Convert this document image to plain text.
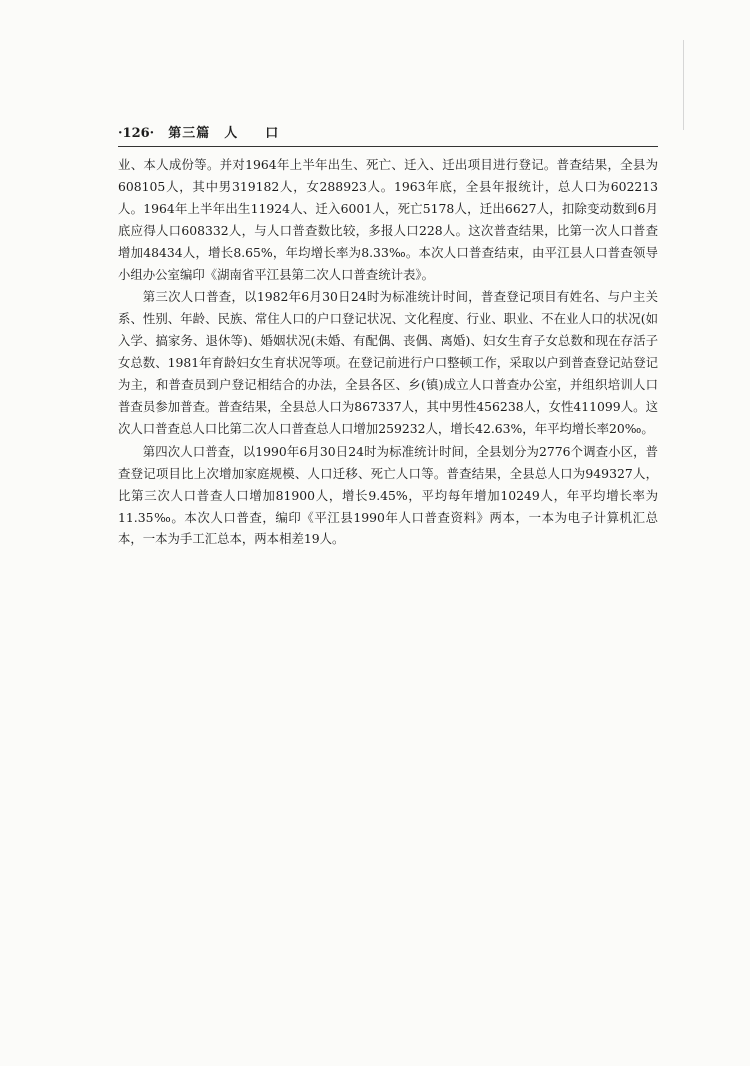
·126· 第三篇 人口

业、本人成份等。并对1964年上半年出生、死亡、迁入、迁出项目进行登记。普查结果，全县为608105人，其中男319182人，女288923人。1963年底，全县年报统计，总人口为602213人。1964年上半年出生11924人、迁入6001人，死亡5178人，迁出6627人，扣除变动数到6月底应得人口608332人，与人口普查数比较，多报人口228人。这次普查结果，比第一次人口普查增加48434人，增长8.65%，年均增长率为8.33‰。本次人口普查结束，由平江县人口普查领导小组办公室编印《湖南省平江县第二次人口普查统计表》。

第三次人口普查，以1982年6月30日24时为标准统计时间，普查登记项目有姓名、与户主关系、性别、年龄、民族、常住人口的户口登记状况、文化程度、行业、职业、不在业人口的状况(如入学、搞家务、退休等)、婚姻状况(未婚、有配偶、丧偶、离婚)、妇女生育子女总数和现在存活子女总数、1981年育龄妇女生育状况等项。在登记前进行户口整顿工作，采取以户到普查登记站登记为主，和普查员到户登记相结合的办法，全县各区、乡(镇)成立人口普查办公室，并组织培训人口普查员参加普查。普查结果，全县总人口为867337人，其中男性456238人，女性411099人。这次人口普查总人口比第二次人口普查总人口增加259232人，增长42.63%，年平均增长率20‰。

第四次人口普查，以1990年6月30日24时为标准统计时间，全县划分为2776个调查小区，普查登记项目比上次增加家庭规模、人口迁移、死亡人口等。普查结果，全县总人口为949327人，比第三次人口普查人口增加81900人，增长9.45%，平均每年增加10249人，年平均增长率为11.35‰。本次人口普查，编印《平江县1990年人口普查资料》两本，一本为电子计算机汇总本，一本为手工汇总本，两本相差19人。
